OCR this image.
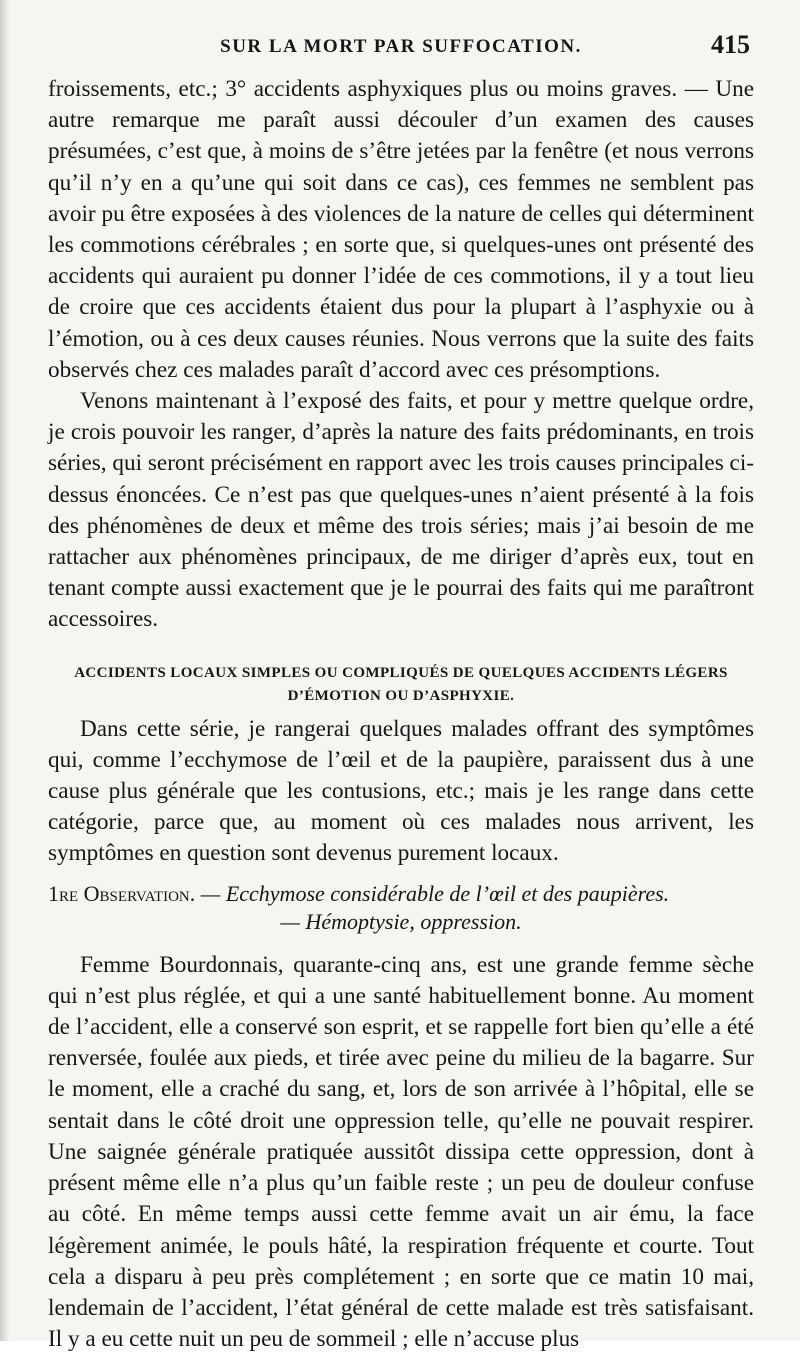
SUR LA MORT PAR SUFFOCATION.	415

froissements, etc.; 3° accidents asphyxiques plus ou moins graves. — Une autre remarque me paraît aussi découler d’un examen des causes présumées, c’est que, à moins de s’être jetées par la fenêtre (et nous verrons qu’il n’y en a qu’une qui soit dans ce cas), ces femmes ne semblent pas avoir pu être exposées à des violences de la nature de celles qui déterminent les commotions cérébrales ; en sorte que, si quelques-unes ont présenté des accidents qui auraient pu donner l’idée de ces commotions, il y a tout lieu de croire que ces accidents étaient dus pour la plupart à l’asphyxie ou à l’émotion, ou à ces deux causes réunies. Nous verrons que la suite des faits observés chez ces malades paraît d’accord avec ces présomptions.

Venons maintenant à l’exposé des faits, et pour y mettre quelque ordre, je crois pouvoir les ranger, d’après la nature des faits prédominants, en trois séries, qui seront précisément en rapport avec les trois causes principales ci-dessus énoncées. Ce n’est pas que quelques-unes n’aient présenté à la fois des phénomènes de deux et même des trois séries; mais j’ai besoin de me rattacher aux phénomènes principaux, de me diriger d’après eux, tout en tenant compte aussi exactement que je le pourrai des faits qui me paraîtront accessoires.

ACCIDENTS LOCAUX SIMPLES OU COMPLIQUÉS DE QUELQUES ACCIDENTS LÉGERS D’ÉMOTION OU D’ASPHYXIE.

Dans cette série, je rangerai quelques malades offrant des symptômes qui, comme l’ecchymose de l’œil et de la paupière, paraissent dus à une cause plus générale que les contusions, etc.; mais je les range dans cette catégorie, parce que, au moment où ces malades nous arrivent, les symptômes en question sont devenus purement locaux.

1re Observation. — Ecchymose considérable de l’œil et des paupières.
— Hémoptysie, oppression.

Femme Bourdonnais, quarante-cinq ans, est une grande femme sèche qui n’est plus réglée, et qui a une santé habituellement bonne. Au moment de l’accident, elle a conservé son esprit, et se rappelle fort bien qu’elle a été renversée, foulée aux pieds, et tirée avec peine du milieu de la bagarre. Sur le moment, elle a craché du sang, et, lors de son arrivée à l’hôpital, elle se sentait dans le côté droit une oppression telle, qu’elle ne pouvait respirer. Une saignée générale pratiquée aussitôt dissipa cette oppression, dont à présent même elle n’a plus qu’un faible reste ; un peu de douleur confuse au côté. En même temps aussi cette femme avait un air ému, la face légèrement animée, le pouls hâté, la respiration fréquente et courte. Tout cela a disparu à peu près complétement ; en sorte que ce matin 10 mai, lendemain de l’accident, l’état général de cette malade est très satisfaisant. Il y a eu cette nuit un peu de sommeil ; elle n’accuse plus
